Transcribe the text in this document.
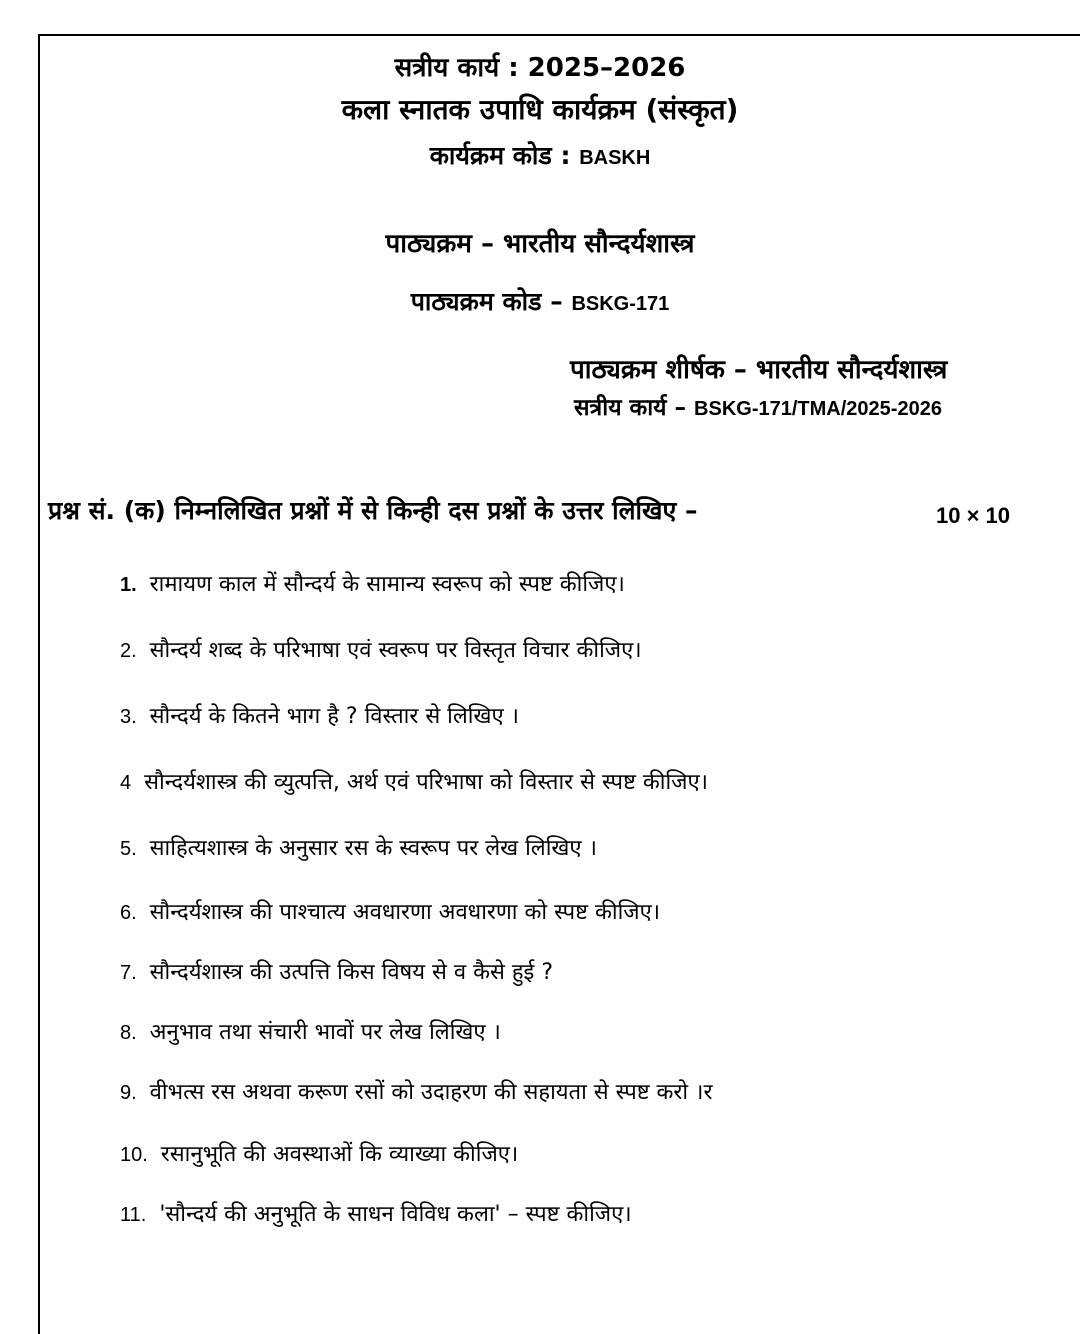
सत्रीय कार्य : 2025–2026
कला स्नातक उपाधि कार्यक्रम (संस्कृत)
कार्यक्रम कोड : BASKH
पाठ्यक्रम – भारतीय सौन्दर्यशास्त्र
पाठ्यक्रम कोड – BSKG-171
पाठ्यक्रम शीर्षक – भारतीय सौन्दर्यशास्त्र
सत्रीय कार्य – BSKG-171/TMA/2025-2026
प्रश्न सं. (क) निम्नलिखित प्रश्नों में से किन्ही दस प्रश्नों के उत्तर लिखिए –	10 × 10
1. रामायण काल में सौन्दर्य के सामान्य स्वरूप को स्पष्ट कीजिए।
2. सौन्दर्य शब्द के परिभाषा एवं स्वरूप पर विस्तृत विचार कीजिए।
3. सौन्दर्य के कितने भाग है ? विस्तार से लिखिए ।
4 सौन्दर्यशास्त्र की व्युत्पत्ति, अर्थ एवं परिभाषा को विस्तार से स्पष्ट कीजिए।
5. साहित्यशास्त्र के अनुसार रस के स्वरूप पर लेख लिखिए ।
6. सौन्दर्यशास्त्र की पाश्चात्य अवधारणा अवधारणा को स्पष्ट कीजिए।
7. सौन्दर्यशास्त्र की उत्पत्ति किस विषय से व कैसे हुई ?
8. अनुभाव तथा संचारी भावों पर लेख लिखिए ।
9. वीभत्स रस अथवा करूण रसों को उदाहरण की सहायता से स्पष्ट करो ।र
10. रसानुभूति की अवस्थाओं कि व्याख्या कीजिए।
11. 'सौन्दर्य की अनुभूति के साधन विविध कला' – स्पष्ट कीजिए।
